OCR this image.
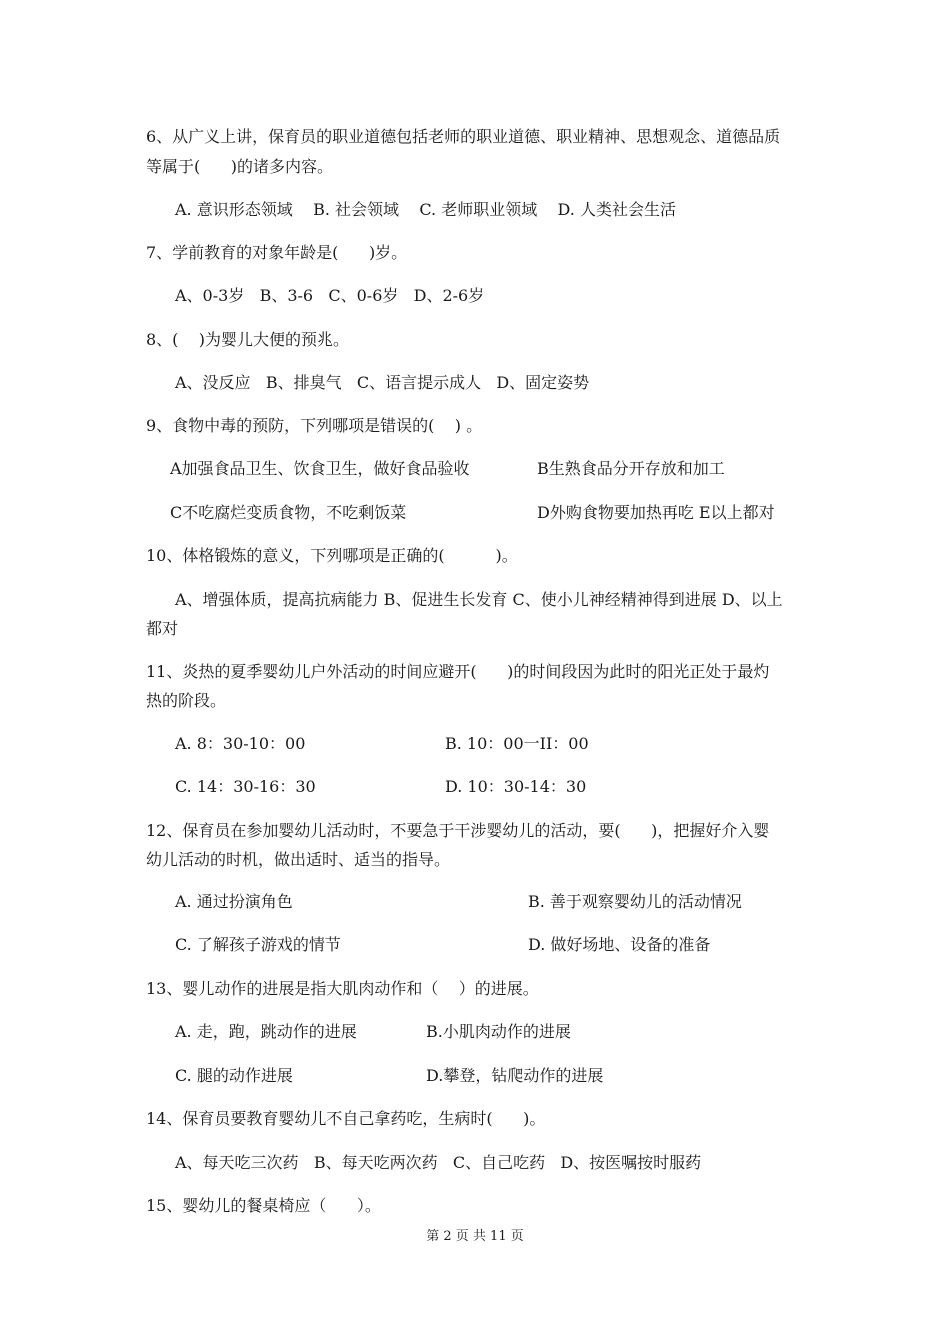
6、从广义上讲，保育员的职业道德包括老师的职业道德、职业精神、思想观念、道德品质
等属于(      )的诸多内容。
A. 意识形态领域    B. 社会领域    C. 老师职业领域    D. 人类社会生活
7、学前教育的对象年龄是(      )岁。
A、0-3岁   B、3-6   C、0-6岁   D、2-6岁
8、(    )为婴儿大便的预兆。
A、没反应   B、排臭气   C、语言提示成人   D、固定姿势
9、食物中毒的预防，下列哪项是错误的(    ) 。
A加强食品卫生、饮食卫生，做好食品验收	B生熟食品分开存放和加工
C不吃腐烂变质食物，不吃剩饭菜	D外购食物要加热再吃 E以上都对
10、体格锻炼的意义，下列哪项是正确的(          )。
A、增强体质，提高抗病能力 B、促进生长发育 C、使小儿神经精神得到进展 D、以上
都对
11、炎热的夏季婴幼儿户外活动的时间应避开(      )的时间段因为此时的阳光正处于最灼
热的阶段。
A. 8：30-10：00	B. 10：00一II：00
C. 14：30-16：30	D. 10：30-14：30
12、保育员在参加婴幼儿活动时，不要急于干涉婴幼儿的活动，要(      )，把握好介入婴
幼儿活动的时机，做出适时、适当的指导。
A. 通过扮演角色	B. 善于观察婴幼儿的活动情况
C. 了解孩子游戏的情节	D. 做好场地、设备的准备
13、婴儿动作的进展是指大肌肉动作和（    ）的进展。
A. 走，跑，跳动作的进展	B.小肌肉动作的进展
C. 腿的动作进展	D.攀登，钻爬动作的进展
14、保育员要教育婴幼儿不自己拿药吃，生病时(      )。
A、每天吃三次药   B、每天吃两次药   C、自己吃药   D、按医嘱按时服药
15、婴幼儿的餐桌椅应（      ）。
第 2 页 共 11 页
